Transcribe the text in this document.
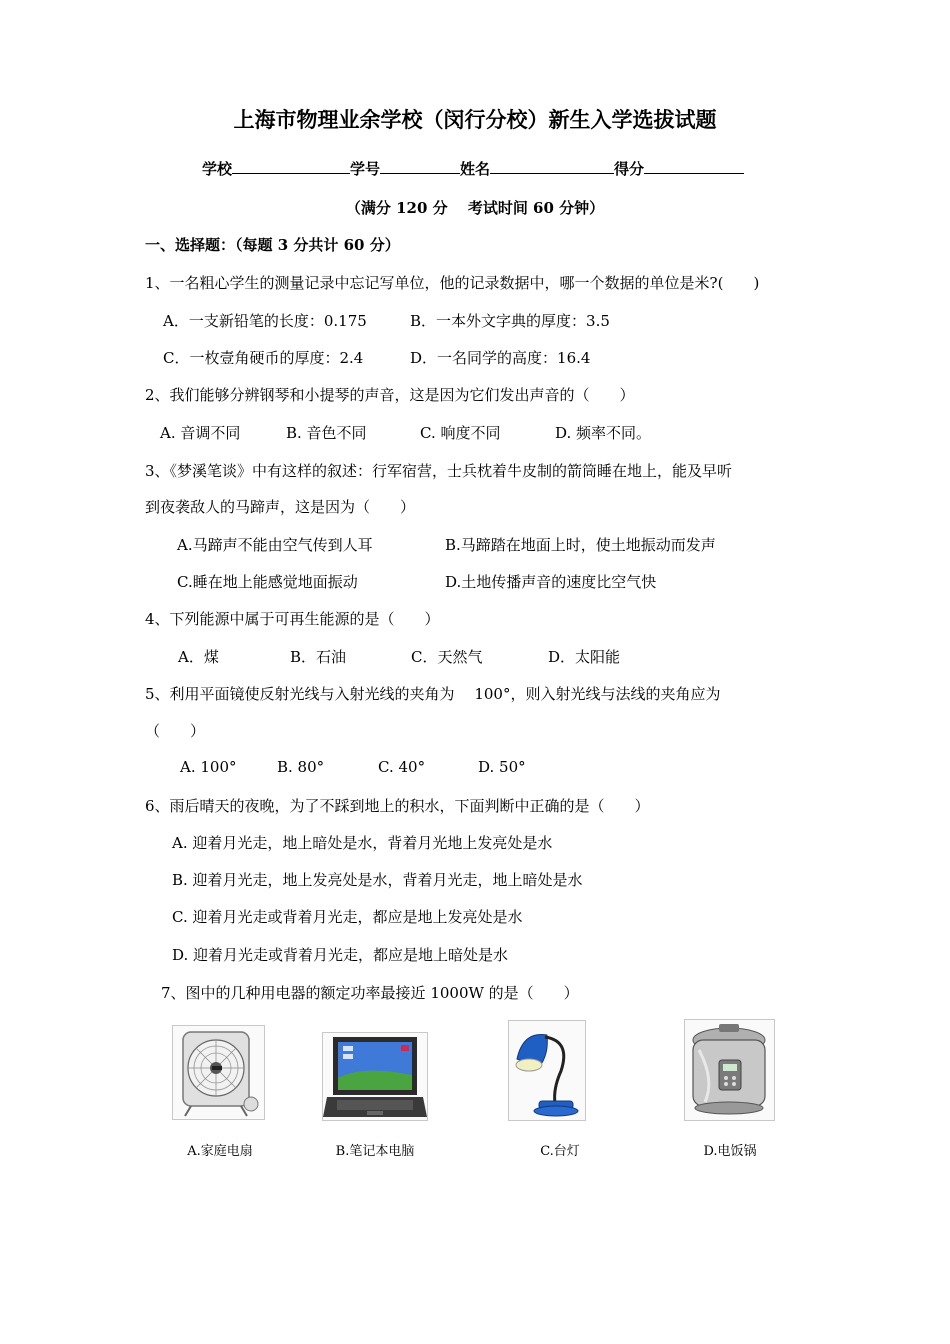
上海市物理业余学校（闵行分校）新生入学选拔试题
学校	学号	姓名	得分
（满分 120 分　 考试时间 60 分钟）
一、选择题：（每题 3 分共计 60 分）
1、一名粗心学生的测量记录中忘记写单位，他的记录数据中，哪一个数据的单位是米?(　　)
A．一支新铅笔的长度：0.175	B．一本外文字典的厚度：3.5
C．一枚壹角硬币的厚度：2.4	D．一名同学的高度：16.4
2、我们能够分辨钢琴和小提琴的声音，这是因为它们发出声音的（　　）
A. 音调不同	B. 音色不同	C. 响度不同	D. 频率不同。
3、《梦溪笔谈》中有这样的叙述：行军宿营，士兵枕着牛皮制的箭筒睡在地上，能及早听
到夜袭敌人的马蹄声，这是因为（　　）
A.马蹄声不能由空气传到人耳	B.马蹄踏在地面上时，使土地振动而发声
C.睡在地上能感觉地面振动	D.土地传播声音的速度比空气快
4、下列能源中属于可再生能源的是（　　）
A．煤	B．石油	C．天然气	D．太阳能
5、利用平面镜使反射光线与入射光线的夹角为　 100°，则入射光线与法线的夹角应为
（　　）
A. 100°	B. 80°	C. 40°	D. 50°
6、雨后晴天的夜晚，为了不踩到地上的积水，下面判断中正确的是（　　）
A. 迎着月光走，地上暗处是水，背着月光地上发亮处是水
B. 迎着月光走，地上发亮处是水，背着月光走，地上暗处是水
C. 迎着月光走或背着月光走，都应是地上发亮处是水
D. 迎着月光走或背着月光走，都应是地上暗处是水
7、图中的几种用电器的额定功率最接近 1000W 的是（　　）
A.家庭电扇	B.笔记本电脑	C.台灯	D.电饭锅
